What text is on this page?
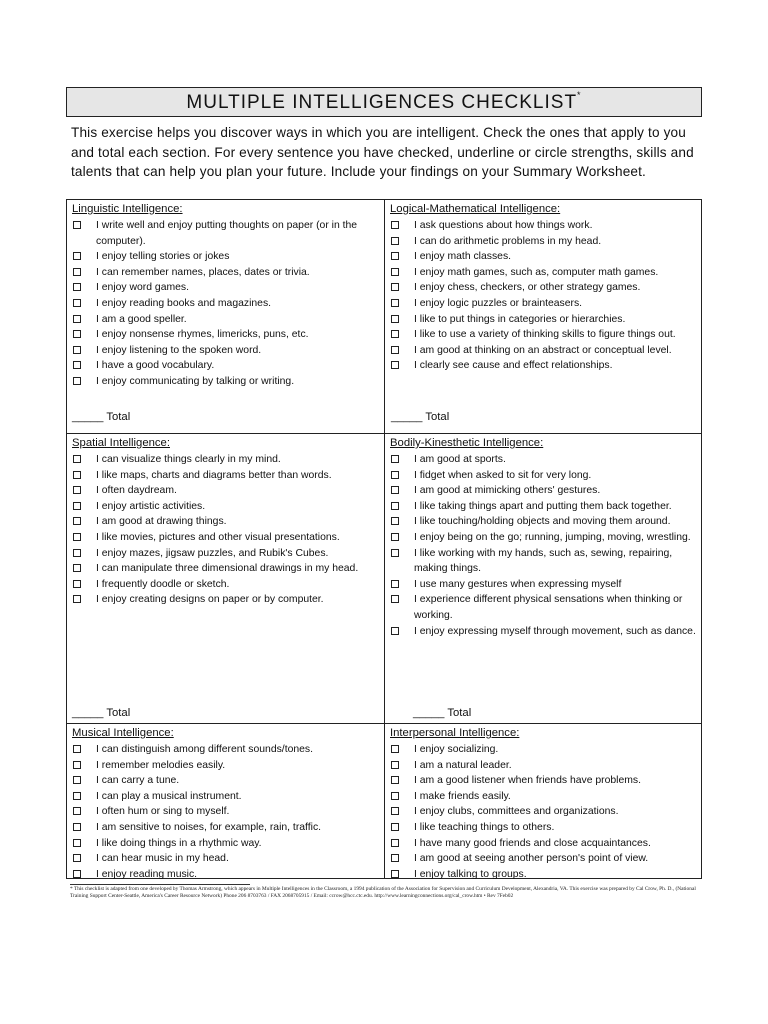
MULTIPLE INTELLIGENCES CHECKLIST*

This exercise helps you discover ways in which you are intelligent. Check the ones that apply to you and total each section. For every sentence you have checked, underline or circle strengths, skills and talents that can help you plan your future. Include your findings on your Summary Worksheet.

Linguistic Intelligence:
I write well and enjoy putting thoughts on paper (or in the computer).
I enjoy telling stories or jokes
I can remember names, places, dates or trivia.
I enjoy word games.
I enjoy reading books and magazines.
I am a good speller.
I enjoy nonsense rhymes, limericks, puns, etc.
I enjoy listening to the spoken word.
I have a good vocabulary.
I enjoy communicating by talking or writing.
Logical-Mathematical Intelligence:
I ask questions about how things work.
I can do arithmetic problems in my head.
I enjoy math classes.
I enjoy math games, such as, computer math games.
I enjoy chess, checkers, or other strategy games.
I enjoy logic puzzles or brainteasers.
I like to put things in categories or hierarchies.
I like to use a variety of thinking skills to figure things out.
I am good at thinking on an abstract or conceptual level.
I clearly see cause and effect relationships.
Spatial Intelligence:
I can visualize things clearly in my mind.
I like maps, charts and diagrams better than words.
I often daydream.
I enjoy artistic activities.
I am good at drawing things.
I like movies, pictures and other visual presentations.
I enjoy mazes, jigsaw puzzles, and Rubik's Cubes.
I can manipulate three dimensional drawings in my head.
I frequently doodle or sketch.
I enjoy creating designs on paper or by computer.
Bodily-Kinesthetic Intelligence:
I am good at sports.
I fidget when asked to sit for very long.
I am good at mimicking others' gestures.
I like taking things apart and putting them back together.
I like touching/holding objects and moving them around.
I enjoy being on the go; running, jumping, moving, wrestling.
I like working with my hands, such as, sewing, repairing, making things.
I use many gestures when expressing myself
I experience different physical sensations when thinking or working.
I enjoy expressing myself through movement, such as dance.
Musical Intelligence:
I can distinguish among different sounds/tones.
I remember melodies easily.
I can carry a tune.
I can play a musical instrument.
I often hum or sing to myself.
I am sensitive to noises, for example, rain, traffic.
I like doing things in a rhythmic way.
I can hear music in my head.
I enjoy reading music.
Interpersonal Intelligence:
I enjoy socializing.
I am a natural leader.
I am a good listener when friends have problems.
I make friends easily.
I enjoy clubs, committees and organizations.
I like teaching things to others.
I have many good friends and close acquaintances.
I am good at seeing another person's point of view.
I enjoy talking to groups.
_____ Total	_____ Total
_____ Total	_____ Total

* This checklist is adapted from one developed by Thomas Armstrong, which appears in Multiple Intelligences in the Classroom, a 1994 publication of the Association for Supervision and Curriculum Development, Alexandria, VA. This exercise was prepared by Cal Crow, Ph. D., (National Training Support Center-Seattle, America's Career Resource Network) Phone 206 8703763 / FAX 2068705915 / Email: ccrow@hcc.ctc.edu. http://www.learningconnections.org/cal_crow.htm • Rev 7Feb02
